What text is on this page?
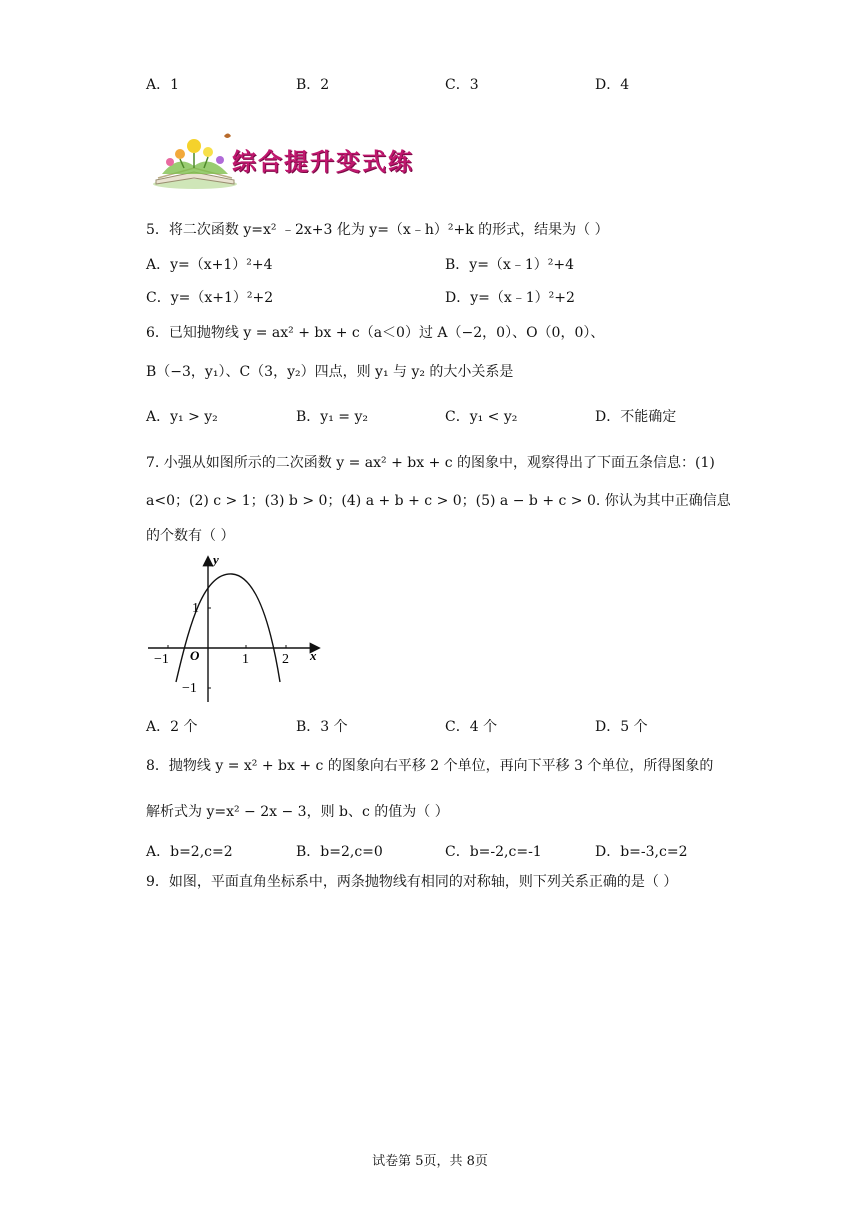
A．1	B．2	C．3	D．4
综合提升变式练
5．将二次函数 y=x² ﹣2x+3 化为 y=（x﹣h）²+k 的形式，结果为（ ）
A．y=（x+1）²+4	B．y=（x﹣1）²+4
C．y=（x+1）²+2	D．y=（x﹣1）²+2
6．已知抛物线 y = ax² + bx + c（a＜0）过 A（−2，0）、O（0，0）、
B（−3，y₁）、C（3，y₂）四点，则 y₁ 与 y₂ 的大小关系是
A．y₁ > y₂	B．y₁ = y₂	C．y₁ < y₂	D．不能确定
7. 小强从如图所示的二次函数 y = ax² + bx + c 的图象中，观察得出了下面五条信息：(1)
a<0；(2) c > 1；(3) b > 0；(4) a + b + c > 0；(5) a − b + c > 0. 你认为其中正确信息
的个数有（ ）
y
x
1
−1
−1 O	1 2
A．2 个	B．3 个	C．4 个	D．5 个
8．抛物线 y = x² + bx + c 的图象向右平移 2 个单位，再向下平移 3 个单位，所得图象的
解析式为 y=x² − 2x − 3，则 b、c 的值为（ ）
A．b=2,c=2	B．b=2,c=0	C．b=-2,c=-1	D．b=-3,c=2
9．如图，平面直角坐标系中，两条抛物线有相同的对称轴，则下列关系正确的是（ ）
试卷第 5页，共 8页
